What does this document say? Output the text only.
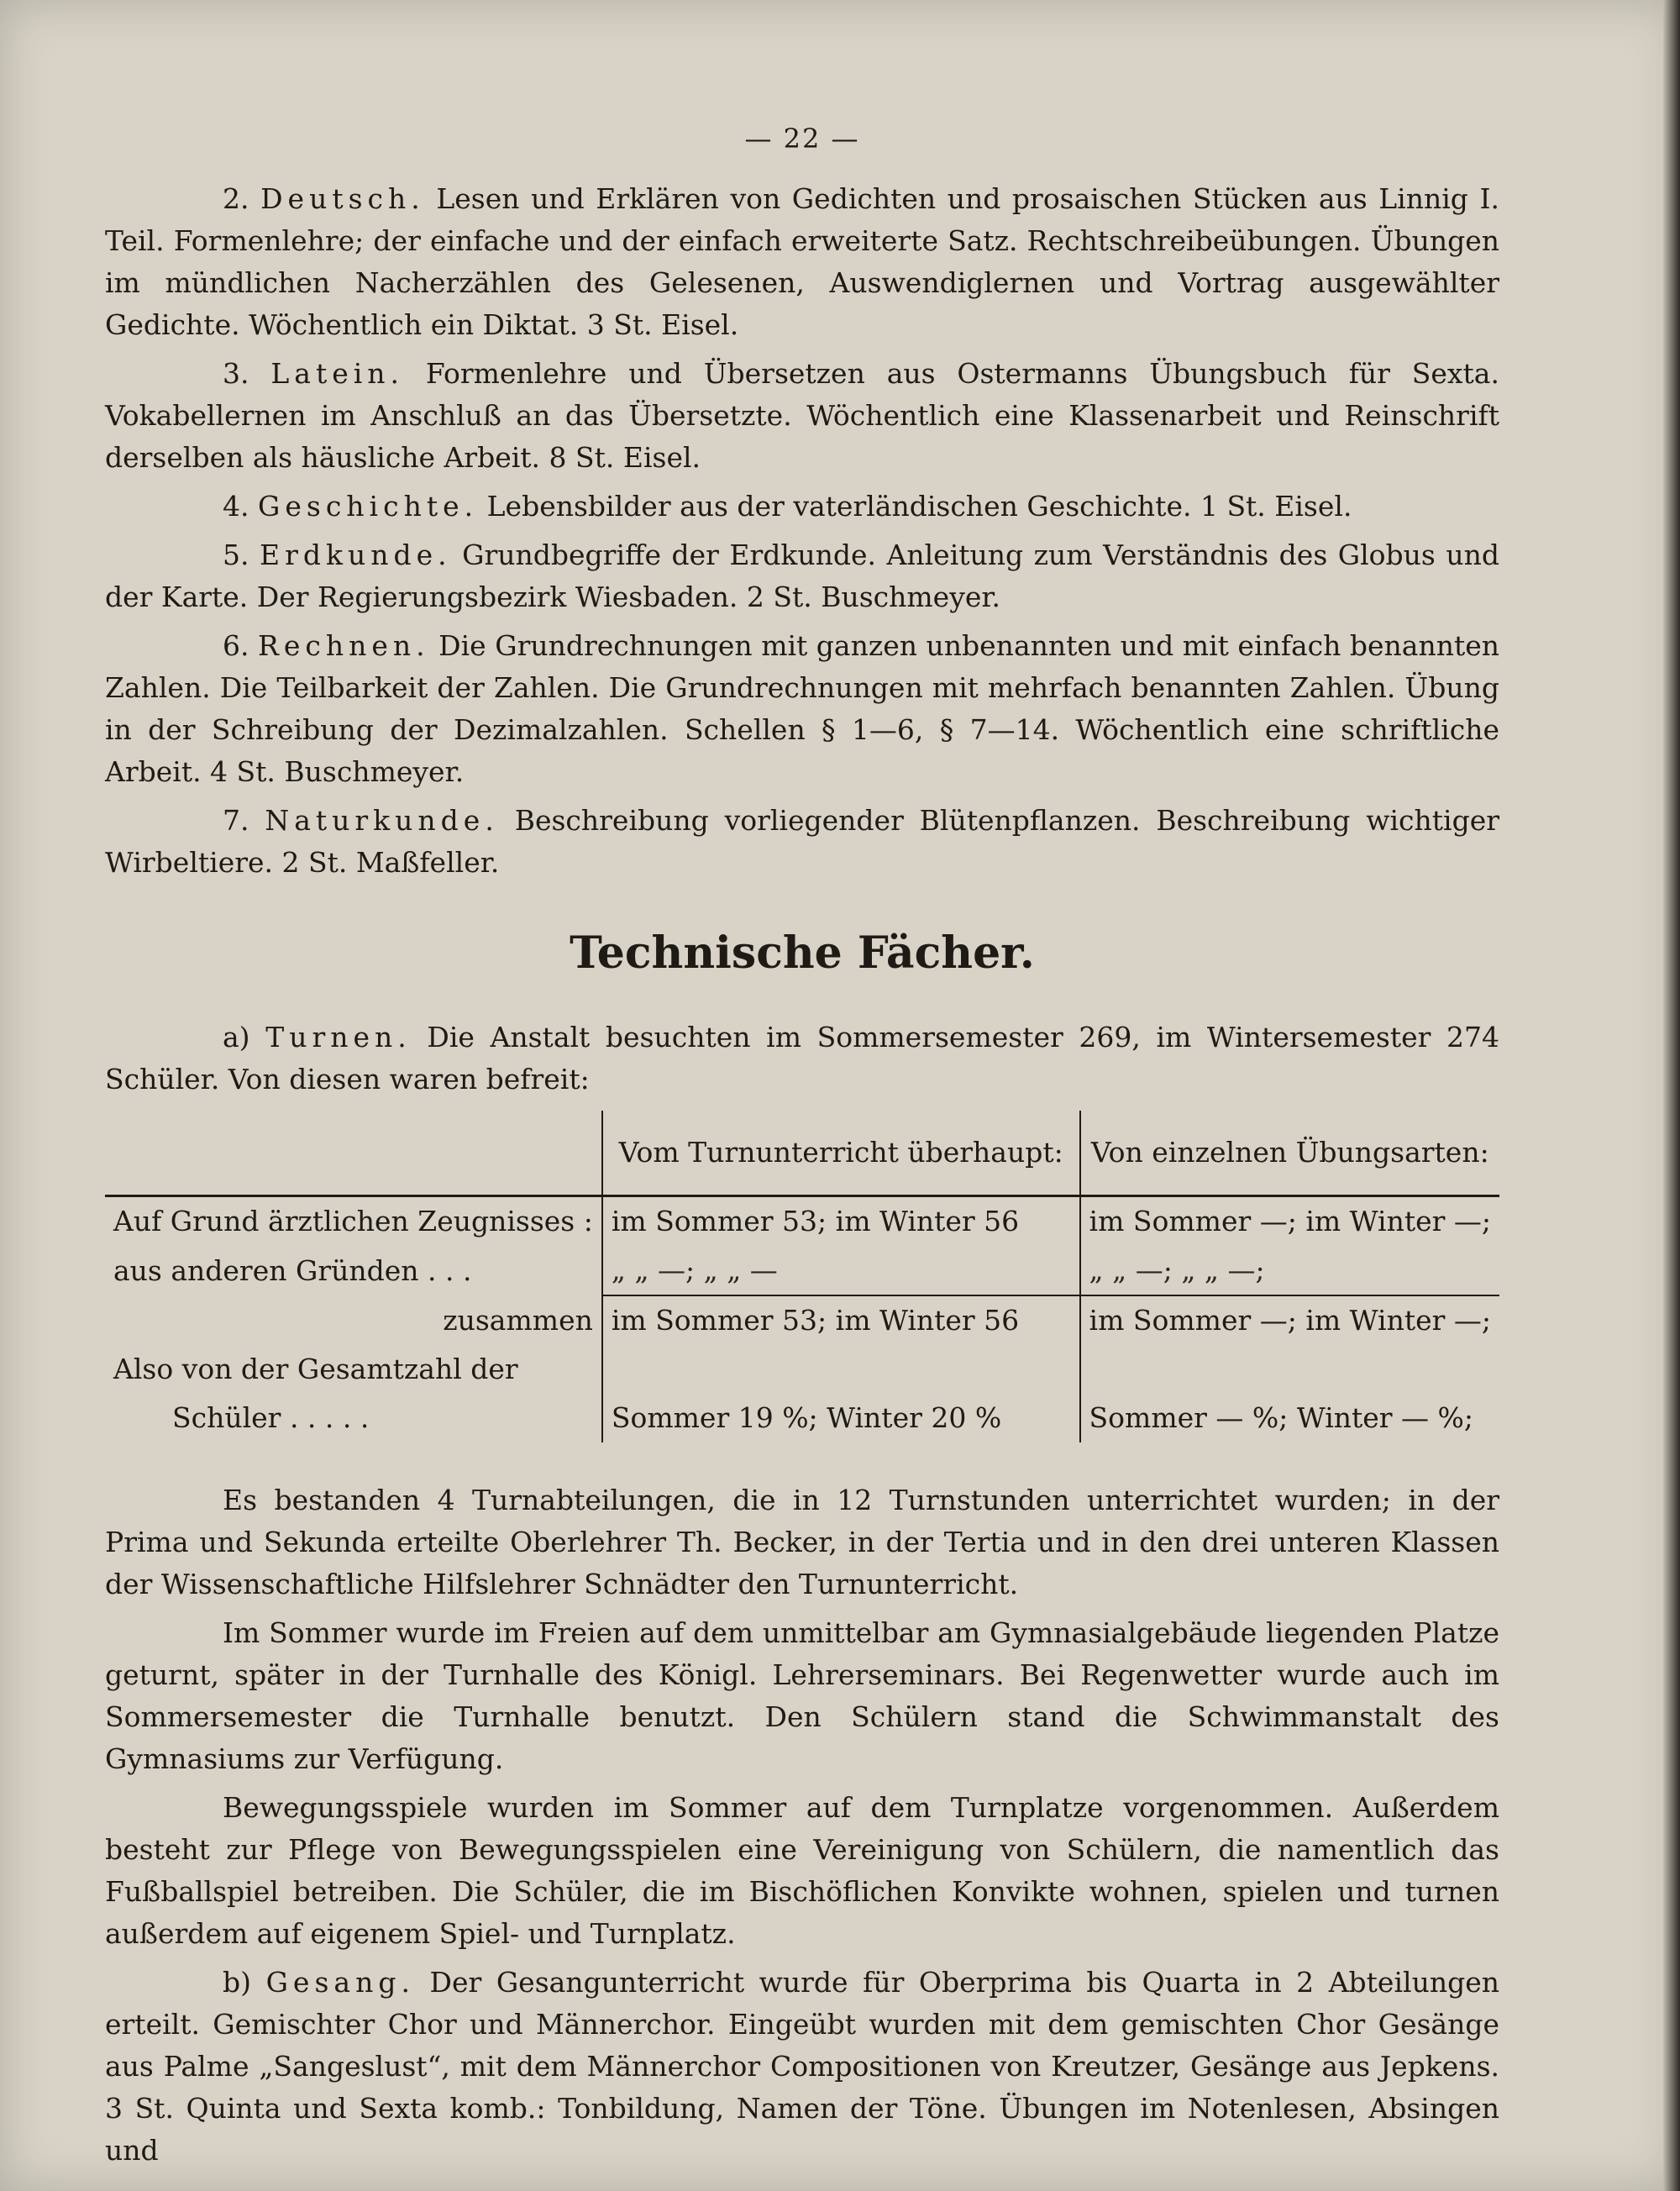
— 22 —

2. Deutsch. Lesen und Erklären von Gedichten und prosaischen Stücken aus Linnig I. Teil. Formenlehre; der einfache und der einfach erweiterte Satz. Rechtschreibeübungen. Übungen im mündlichen Nacherzählen des Gelesenen, Auswendiglernen und Vortrag ausgewählter Gedichte. Wöchentlich ein Diktat. 3 St. Eisel.

3. Latein. Formenlehre und Übersetzen aus Ostermanns Übungsbuch für Sexta. Vokabellernen im Anschluß an das Übersetzte. Wöchentlich eine Klassenarbeit und Reinschrift derselben als häusliche Arbeit. 8 St. Eisel.

4. Geschichte. Lebensbilder aus der vaterländischen Geschichte. 1 St. Eisel.

5. Erdkunde. Grundbegriffe der Erdkunde. Anleitung zum Verständnis des Globus und der Karte. Der Regierungsbezirk Wiesbaden. 2 St. Buschmeyer.

6. Rechnen. Die Grundrechnungen mit ganzen unbenannten und mit einfach benannten Zahlen. Die Teilbarkeit der Zahlen. Die Grundrechnungen mit mehrfach benannten Zahlen. Übung in der Schreibung der Dezimalzahlen. Schellen § 1—6, § 7—14. Wöchentlich eine schriftliche Arbeit. 4 St. Buschmeyer.

7. Naturkunde. Beschreibung vorliegender Blütenpflanzen. Beschreibung wichtiger Wirbeltiere. 2 St. Maßfeller.

Technische Fächer.

a) Turnen. Die Anstalt besuchten im Sommersemester 269, im Wintersemester 274 Schüler. Von diesen waren befreit:

	Vom Turnunterricht überhaupt:	Von einzelnen Übungsarten:
Auf Grund ärztlichen Zeugnisses :	im Sommer 53; im Winter 56	im Sommer —; im Winter —;
aus anderen Gründen . . .	„ „ —; „ „ —	„ „ —; „ „ —;
zusammen	im Sommer 53; im Winter 56	im Sommer —; im Winter —;
Also von der Gesamtzahl der		
Schüler . . . . .	Sommer 19 %; Winter 20 %	Sommer — %; Winter — %;

Es bestanden 4 Turnabteilungen, die in 12 Turnstunden unterrichtet wurden; in der Prima und Sekunda erteilte Oberlehrer Th. Becker, in der Tertia und in den drei unteren Klassen der Wissenschaftliche Hilfslehrer Schnädter den Turnunterricht.

Im Sommer wurde im Freien auf dem unmittelbar am Gymnasialgebäude liegenden Platze geturnt, später in der Turnhalle des Königl. Lehrerseminars. Bei Regenwetter wurde auch im Sommersemester die Turnhalle benutzt. Den Schülern stand die Schwimmanstalt des Gymnasiums zur Verfügung.

Bewegungsspiele wurden im Sommer auf dem Turnplatze vorgenommen. Außerdem besteht zur Pflege von Bewegungsspielen eine Vereinigung von Schülern, die namentlich das Fußballspiel betreiben. Die Schüler, die im Bischöflichen Konvikte wohnen, spielen und turnen außerdem auf eigenem Spiel- und Turnplatz.

b) Gesang. Der Gesangunterricht wurde für Oberprima bis Quarta in 2 Abteilungen erteilt. Gemischter Chor und Männerchor. Eingeübt wurden mit dem gemischten Chor Gesänge aus Palme „Sangeslust“, mit dem Männerchor Compositionen von Kreutzer, Gesänge aus Jepkens. 3 St. Quinta und Sexta komb.: Tonbildung, Namen der Töne. Übungen im Notenlesen, Absingen und
